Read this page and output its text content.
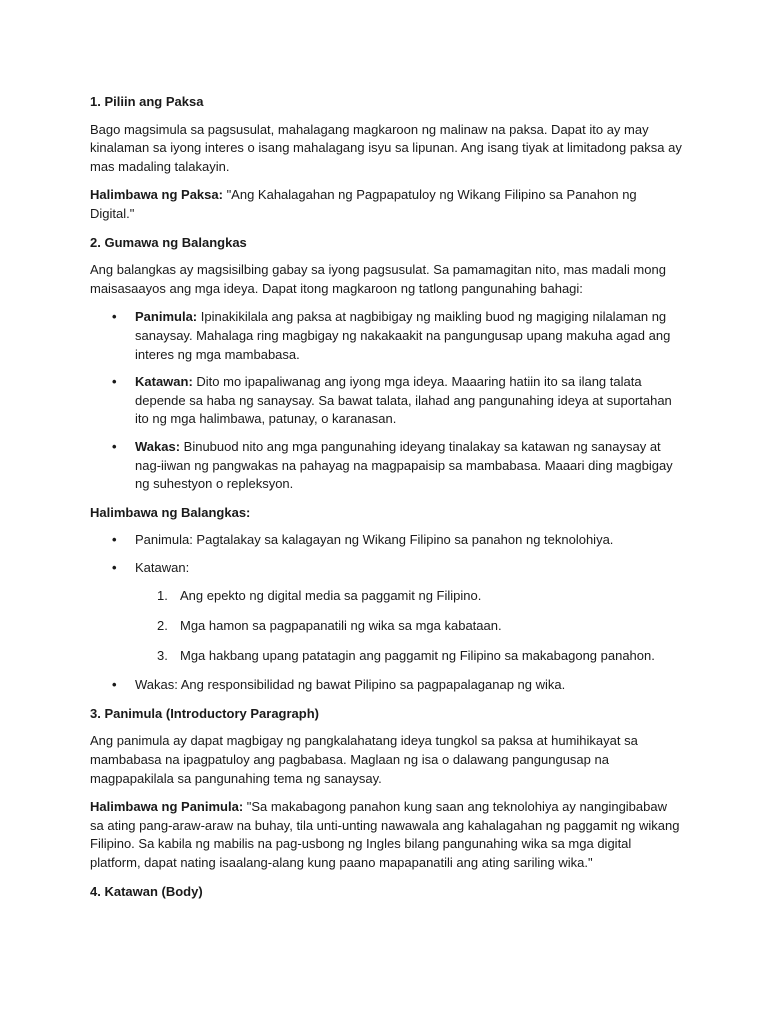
1. Piliin ang Paksa

Bago magsimula sa pagsusulat, mahalagang magkaroon ng malinaw na paksa. Dapat ito ay may kinalaman sa iyong interes o isang mahalagang isyu sa lipunan. Ang isang tiyak at limitadong paksa ay mas madaling talakayin.

Halimbawa ng Paksa: "Ang Kahalagahan ng Pagpapatuloy ng Wikang Filipino sa Panahon ng Digital."

2. Gumawa ng Balangkas

Ang balangkas ay magsisilbing gabay sa iyong pagsusulat. Sa pamamagitan nito, mas madali mong maisasaayos ang mga ideya. Dapat itong magkaroon ng tatlong pangunahing bahagi:

• Panimula: Ipinakikilala ang paksa at nagbibigay ng maikling buod ng magiging nilalaman ng sanaysay. Mahalaga ring magbigay ng nakakaakit na pangungusap upang makuha agad ang interes ng mga mambabasa.
• Katawan: Dito mo ipapaliwanag ang iyong mga ideya. Maaaring hatiin ito sa ilang talata depende sa haba ng sanaysay. Sa bawat talata, ilahad ang pangunahing ideya at suportahan ito ng mga halimbawa, patunay, o karanasan.
• Wakas: Binubuod nito ang mga pangunahing ideyang tinalakay sa katawan ng sanaysay at nag-iiwan ng pangwakas na pahayag na magpapaisip sa mambabasa. Maaari ding magbigay ng suhestyon o repleksyon.

Halimbawa ng Balangkas:

• Panimula: Pagtalakay sa kalagayan ng Wikang Filipino sa panahon ng teknolohiya.
• Katawan:
1. Ang epekto ng digital media sa paggamit ng Filipino.
2. Mga hamon sa pagpapanatili ng wika sa mga kabataan.
3. Mga hakbang upang patatagin ang paggamit ng Filipino sa makabagong panahon.
• Wakas: Ang responsibilidad ng bawat Pilipino sa pagpapalaganap ng wika.
3. Panimula (Introductory Paragraph)

Ang panimula ay dapat magbigay ng pangkalahatang ideya tungkol sa paksa at humihikayat sa mambabasa na ipagpatuloy ang pagbabasa. Maglaan ng isa o dalawang pangungusap na magpapakilala sa pangunahing tema ng sanaysay.

Halimbawa ng Panimula: "Sa makabagong panahon kung saan ang teknolohiya ay nangingibabaw sa ating pang-araw-araw na buhay, tila unti-unting nawawala ang kahalagahan ng paggamit ng wikang Filipino. Sa kabila ng mabilis na pag-usbong ng Ingles bilang pangunahing wika sa mga digital platform, dapat nating isaalang-alang kung paano mapapanatili ang ating sariling wika."

4. Katawan (Body)
